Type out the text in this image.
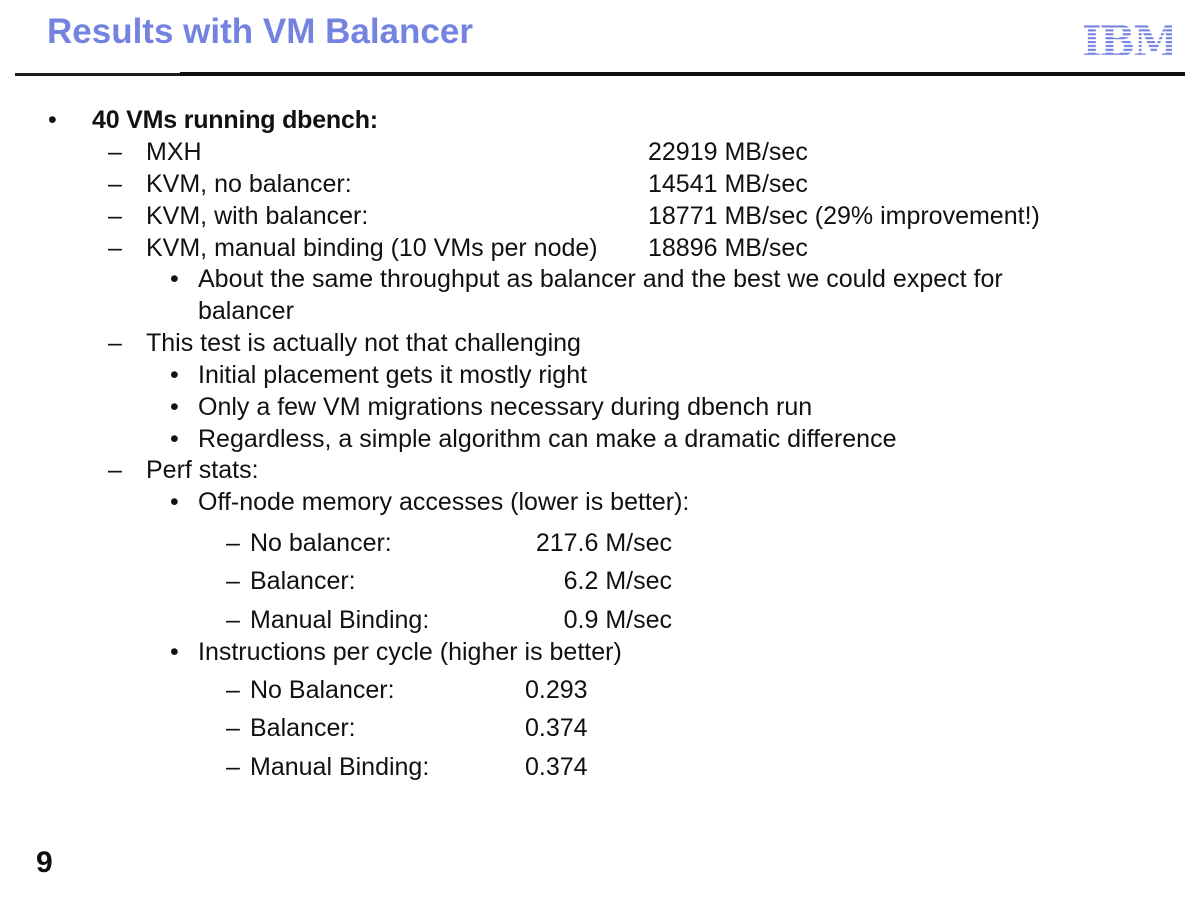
Results with VM Balancer	IBM
• 40 VMs running dbench:
– MXH	22919 MB/sec
– KVM, no balancer:	14541 MB/sec
– KVM, with balancer:	18771 MB/sec (29% improvement!)
– KVM, manual binding (10 VMs per node) 18896 MB/sec
• About the same throughput as balancer and the best we could expect for balancer
– This test is actually not that challenging
• Initial placement gets it mostly right
• Only a few VM migrations necessary during dbench run
• Regardless, a simple algorithm can make a dramatic difference
– Perf stats:
• Off-node memory accesses (lower is better):
– No balancer:	217.6 M/sec
– Balancer:	6.2 M/sec
– Manual Binding:	0.9 M/sec
• Instructions per cycle (higher is better)
– No Balancer:	0.293
– Balancer:	0.374
– Manual Binding:	0.374
9
